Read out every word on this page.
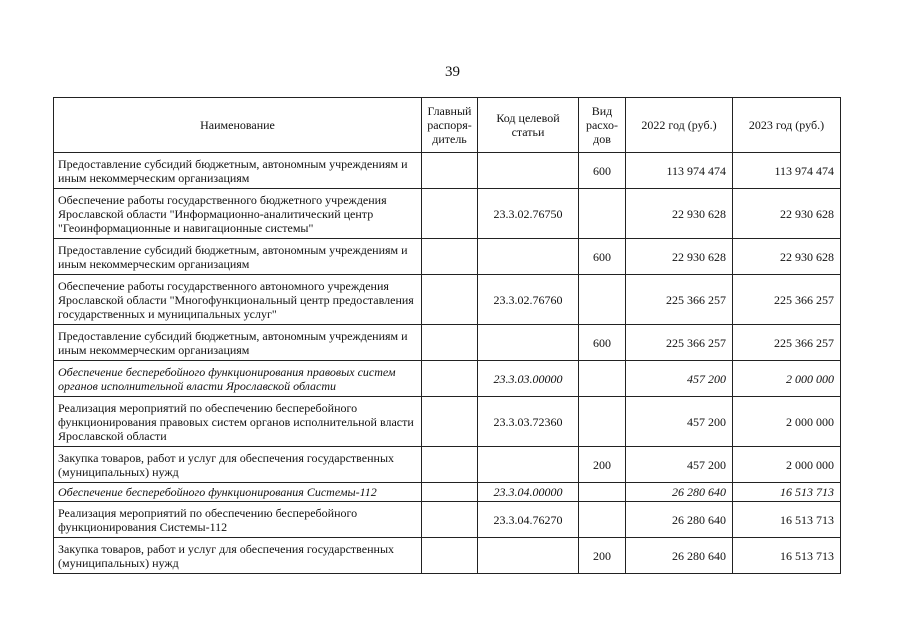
39
Наименование	Главный распоря-дитель	Код целевой статьи	Вид расхо-дов	2022 год (руб.)	2023 год (руб.)
Предоставление субсидий бюджетным, автономным учреждениям и иным некоммерческим организациям			600	113 974 474	113 974 474
Обеспечение работы государственного бюджетного учреждения Ярославской области "Информационно-аналитический центр "Геоинформационные и навигационные системы"		23.3.02.76750		22 930 628	22 930 628
Предоставление субсидий бюджетным, автономным учреждениям и иным некоммерческим организациям			600	22 930 628	22 930 628
Обеспечение работы государственного автономного учреждения Ярославской области "Многофункциональный центр предоставления государственных и муниципальных услуг"		23.3.02.76760		225 366 257	225 366 257
Предоставление субсидий бюджетным, автономным учреждениям и иным некоммерческим организациям			600	225 366 257	225 366 257
Обеспечение бесперебойного функционирования правовых систем органов исполнительной власти Ярославской области		23.3.03.00000		457 200	2 000 000
Реализация мероприятий по обеспечению бесперебойного функционирования правовых систем органов исполнительной власти Ярославской области		23.3.03.72360		457 200	2 000 000
Закупка товаров, работ и услуг для обеспечения государственных (муниципальных) нужд			200	457 200	2 000 000
Обеспечение бесперебойного функционирования Системы-112		23.3.04.00000		26 280 640	16 513 713
Реализация мероприятий по обеспечению бесперебойного функционирования Системы-112		23.3.04.76270		26 280 640	16 513 713
Закупка товаров, работ и услуг для обеспечения государственных (муниципальных) нужд			200	26 280 640	16 513 713
